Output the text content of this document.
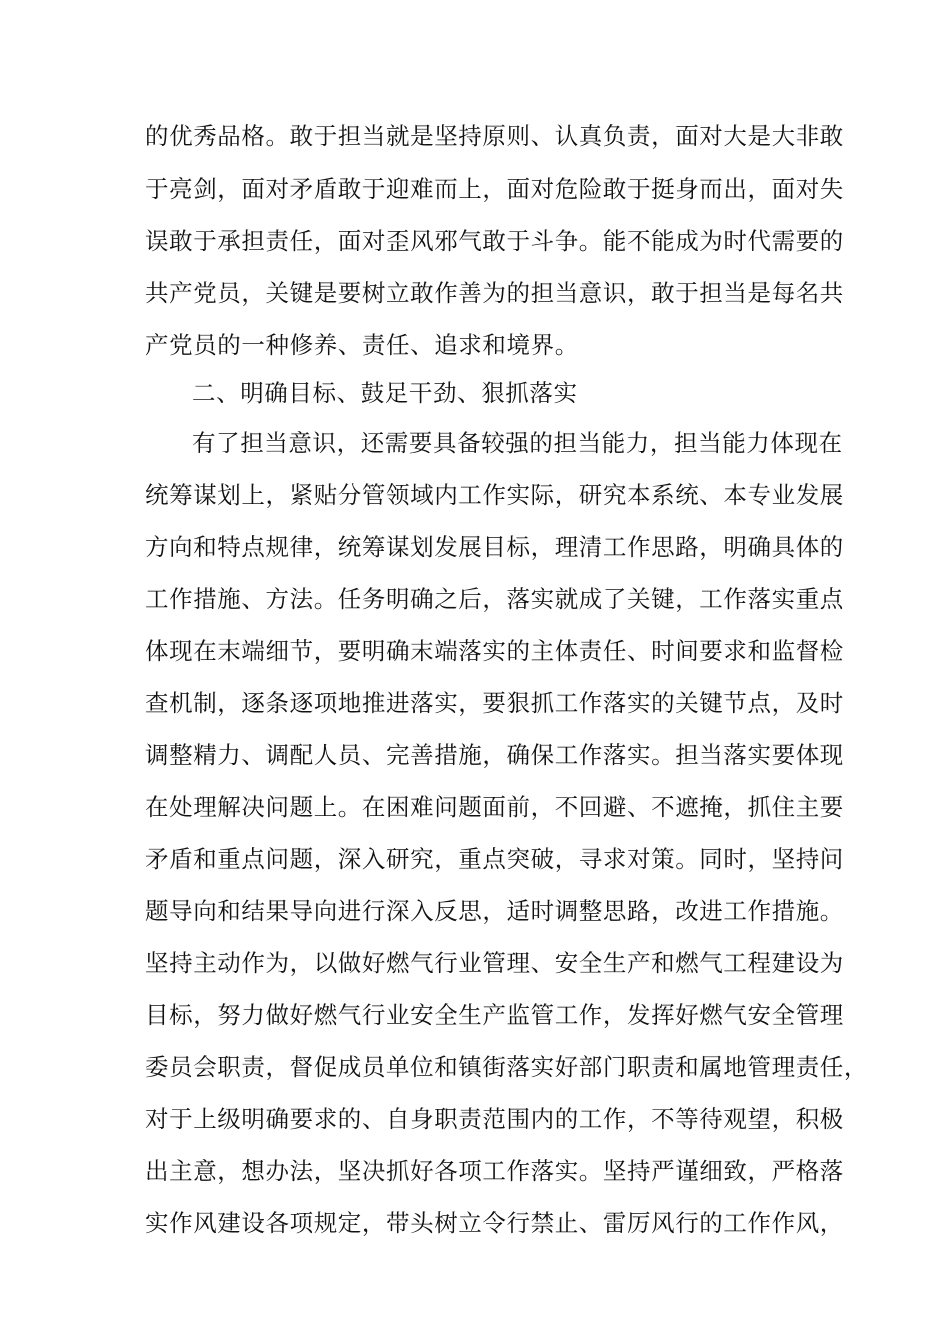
的优秀品格。敢于担当就是坚持原则、认真负责，面对大是大非敢
于亮剑，面对矛盾敢于迎难而上，面对危险敢于挺身而出，面对失
误敢于承担责任，面对歪风邪气敢于斗争。能不能成为时代需要的
共产党员，关键是要树立敢作善为的担当意识，敢于担当是每名共
产党员的一种修养、责任、追求和境界。
二、明确目标、鼓足干劲、狠抓落实
有了担当意识，还需要具备较强的担当能力，担当能力体现在
统筹谋划上，紧贴分管领域内工作实际，研究本系统、本专业发展
方向和特点规律，统筹谋划发展目标，理清工作思路，明确具体的
工作措施、方法。任务明确之后，落实就成了关键，工作落实重点
体现在末端细节，要明确末端落实的主体责任、时间要求和监督检
查机制，逐条逐项地推进落实，要狠抓工作落实的关键节点，及时
调整精力、调配人员、完善措施，确保工作落实。担当落实要体现
在处理解决问题上。在困难问题面前，不回避、不遮掩，抓住主要
矛盾和重点问题，深入研究，重点突破，寻求对策。同时，坚持问
题导向和结果导向进行深入反思，适时调整思路，改进工作措施。
坚持主动作为，以做好燃气行业管理、安全生产和燃气工程建设为
目标，努力做好燃气行业安全生产监管工作，发挥好燃气安全管理
委员会职责，督促成员单位和镇街落实好部门职责和属地管理责任，
对于上级明确要求的、自身职责范围内的工作，不等待观望，积极
出主意，想办法，坚决抓好各项工作落实。坚持严谨细致，严格落
实作风建设各项规定，带头树立令行禁止、雷厉风行的工作作风，
